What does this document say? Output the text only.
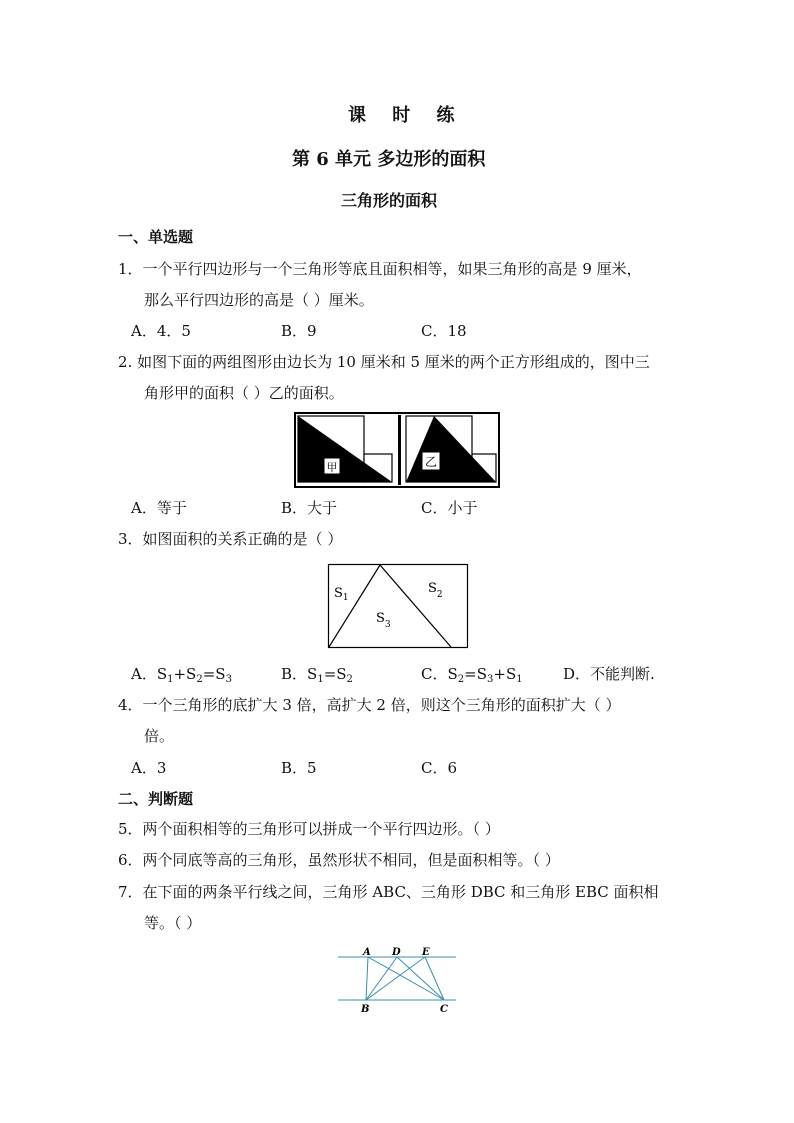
课 时 练
第 6 单元 多边形的面积
三角形的面积
一、单选题
1．一个平行四边形与一个三角形等底且面积相等，如果三角形的高是 9 厘米，
那么平行四边形的高是（ ）厘米。
A．4．5	B．9	C．18
2. 如图下面的两组图形由边长为 10 厘米和 5 厘米的两个正方形组成的，图中三
角形甲的面积（ ）乙的面积。
甲	乙
A．等于	B．大于	C．小于
3．如图面积的关系正确的是（ ）
$S_1$
$S_2$
$S_3$
A．$S_1+S_2=S_3$	B．$S_1=S_2$	C．$S_2=S_3+S_1$	D．不能判断.
4．一个三角形的底扩大 3 倍，高扩大 2 倍，则这个三角形的面积扩大（ ）
倍。
A．3	B．5	C．6
二、判断题
5．两个面积相等的三角形可以拼成一个平行四边形。（ ）
6．两个同底等高的三角形，虽然形状不相同，但是面积相等。（ ）
7．在下面的两条平行线之间，三角形 ABC、三角形 DBC 和三角形 EBC 面积相
等。（ ）
A D E
B	C
